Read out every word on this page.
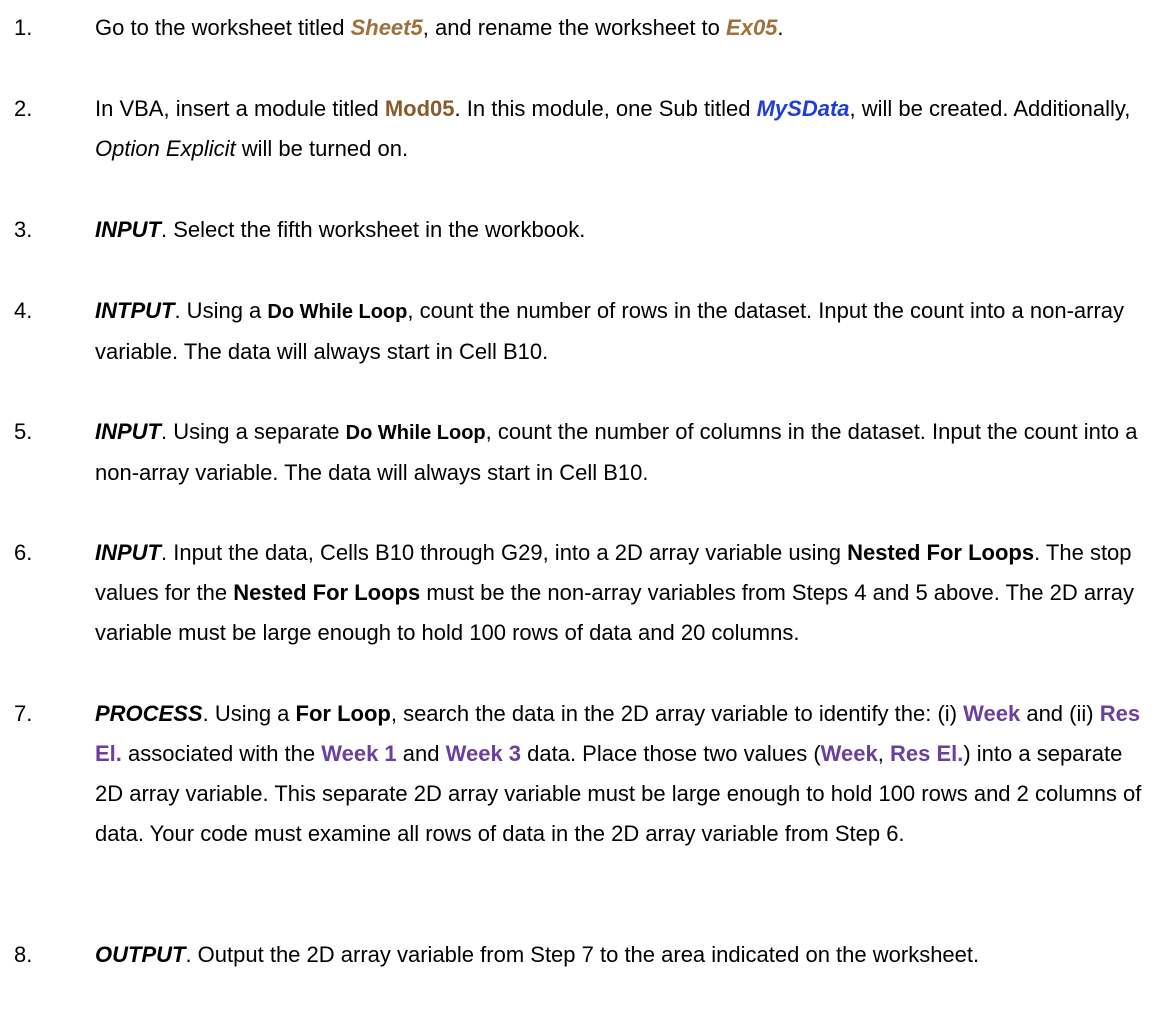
1.	Go to the worksheet titled Sheet5, and rename the worksheet to Ex05.
2.	In VBA, insert a module titled Mod05. In this module, one Sub titled MySData, will be created. Additionally, Option Explicit will be turned on.
3.	INPUT. Select the fifth worksheet in the workbook.
4.	INTPUT. Using a Do While Loop, count the number of rows in the dataset. Input the count into a non-array variable. The data will always start in Cell B10.
5.	INPUT. Using a separate Do While Loop, count the number of columns in the dataset. Input the count into a non-array variable. The data will always start in Cell B10.
6.	INPUT. Input the data, Cells B10 through G29, into a 2D array variable using Nested For Loops. The stop values for the Nested For Loops must be the non-array variables from Steps 4 and 5 above. The 2D array variable must be large enough to hold 100 rows of data and 20 columns.
7.	PROCESS. Using a For Loop, search the data in the 2D array variable to identify the: (i) Week and (ii) Res El. associated with the Week 1 and Week 3 data. Place those two values (Week, Res El.) into a separate 2D array variable. This separate 2D array variable must be large enough to hold 100 rows and 2 columns of data. Your code must examine all rows of data in the 2D array variable from Step 6.
8.	OUTPUT. Output the 2D array variable from Step 7 to the area indicated on the worksheet.
